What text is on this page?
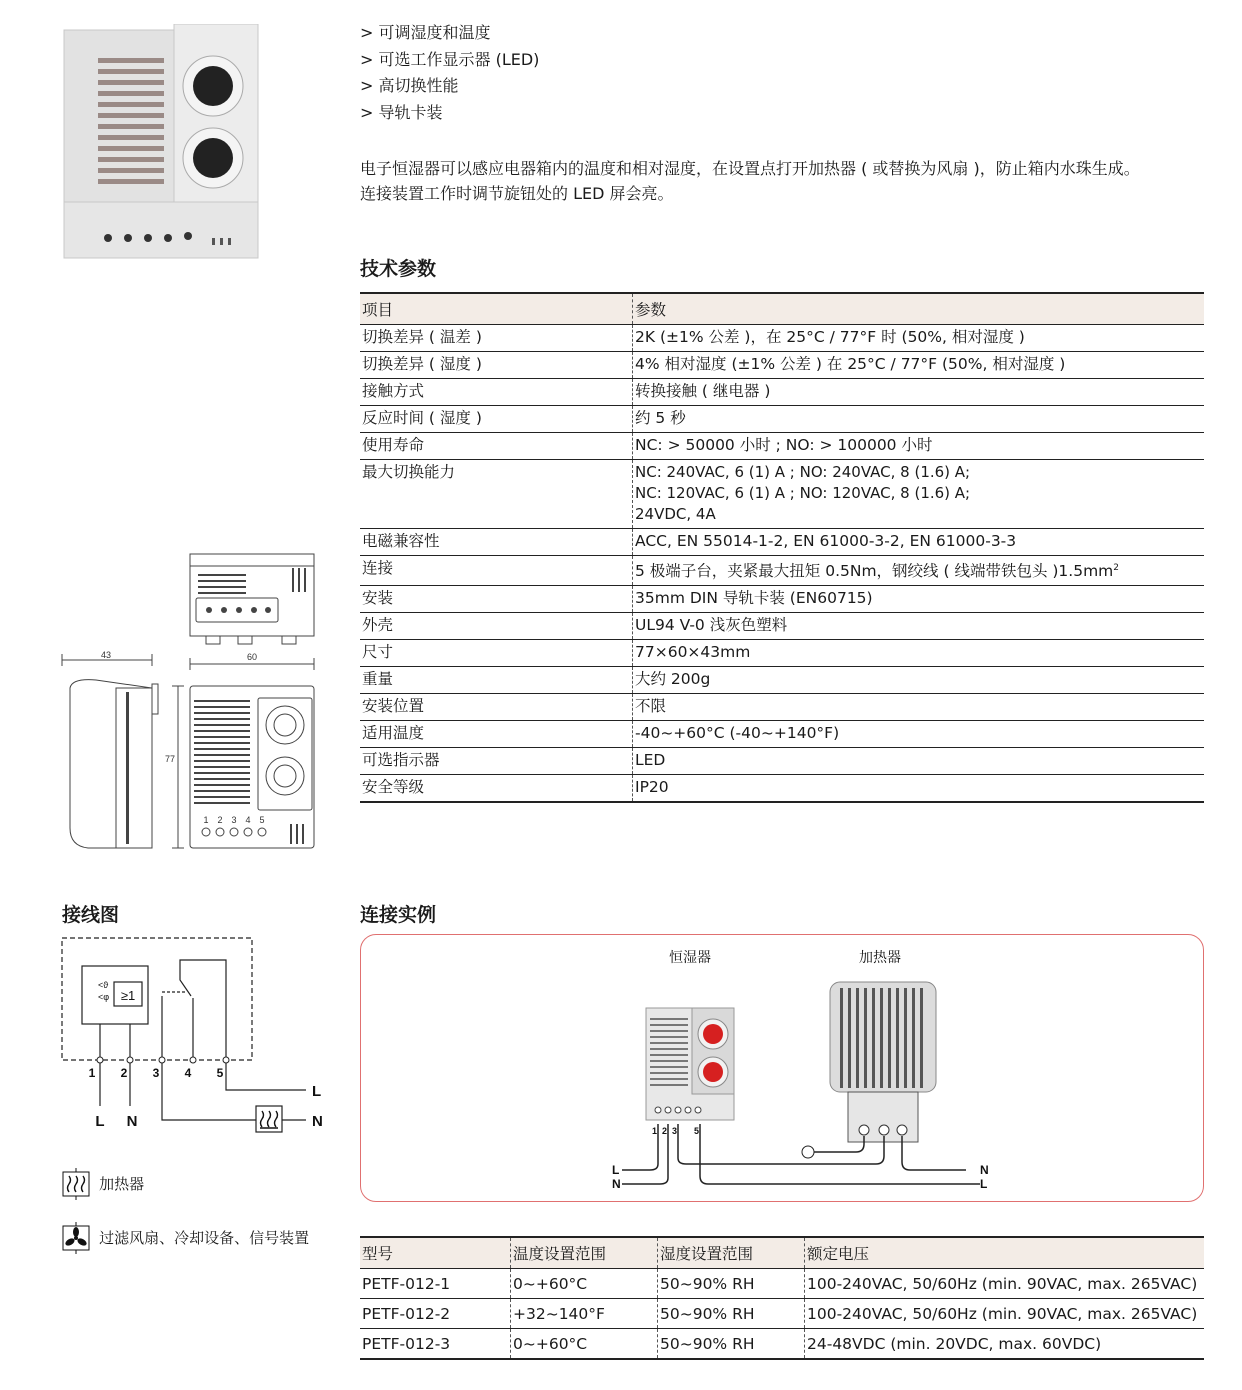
> 可调湿度和温度
> 可选工作显示器 (LED)
> 高切换性能
> 导轨卡装
电子恒湿器可以感应电器箱内的温度和相对湿度，在设置点打开加热器 ( 或替换为风扇 )，防止箱内水珠生成。
连接装置工作时调节旋钮处的 LED 屏会亮。
技术参数
项目	参数
切换差异 ( 温差 )	2K (±1% 公差 )，在 25°C / 77°F 时 (50%, 相对湿度 )
切换差异 ( 湿度 )	4% 相对湿度 (±1% 公差 ) 在 25°C / 77°F (50%, 相对湿度 )
接触方式	转换接触 ( 继电器 )
反应时间 ( 湿度 )	约 5 秒
使用寿命	NC: > 50000 小时 ; NO: > 100000 小时
最大切换能力	NC: 240VAC, 6 (1) A ; NO: 240VAC, 8 (1.6) A;
NC: 120VAC, 6 (1) A ; NO: 120VAC, 8 (1.6) A;
24VDC, 4A

电磁兼容性	ACC, EN 55014-1-2, EN 61000-3-2, EN 61000-3-3
连接	5 极端子台，夹紧最大扭矩 0.5Nm，钢绞线 ( 线端带铁包头 )$1.5mm^2$
安装	35mm DIN 导轨卡装 (EN60715)
外壳	UL94 V-0 浅灰色塑料
尺寸	77×60×43mm
重量	大约 200g
安装位置	不限
适用温度	-40~+60°C (-40~+140°F)
可选指示器	LED
安全等级	IP20
43	60
77
1 2 3 4 5
接线图
≥1
<ϑ
<φ
1 2 3 4 5
L N
L
N
加热器
过滤风扇、冷却设备、信号装置
连接实例
恒湿器	加热器
L
N
N
L
1 2 3 5
型号	温度设置范围	湿度设置范围	额定电压
PETF-012-1	0~+60°C	50~90% RH	100-240VAC, 50/60Hz (min. 90VAC, max. 265VAC)
PETF-012-2	+32~140°F	50~90% RH	100-240VAC, 50/60Hz (min. 90VAC, max. 265VAC)
PETF-012-3	0~+60°C	50~90% RH	24-48VDC (min. 20VDC, max. 60VDC)
